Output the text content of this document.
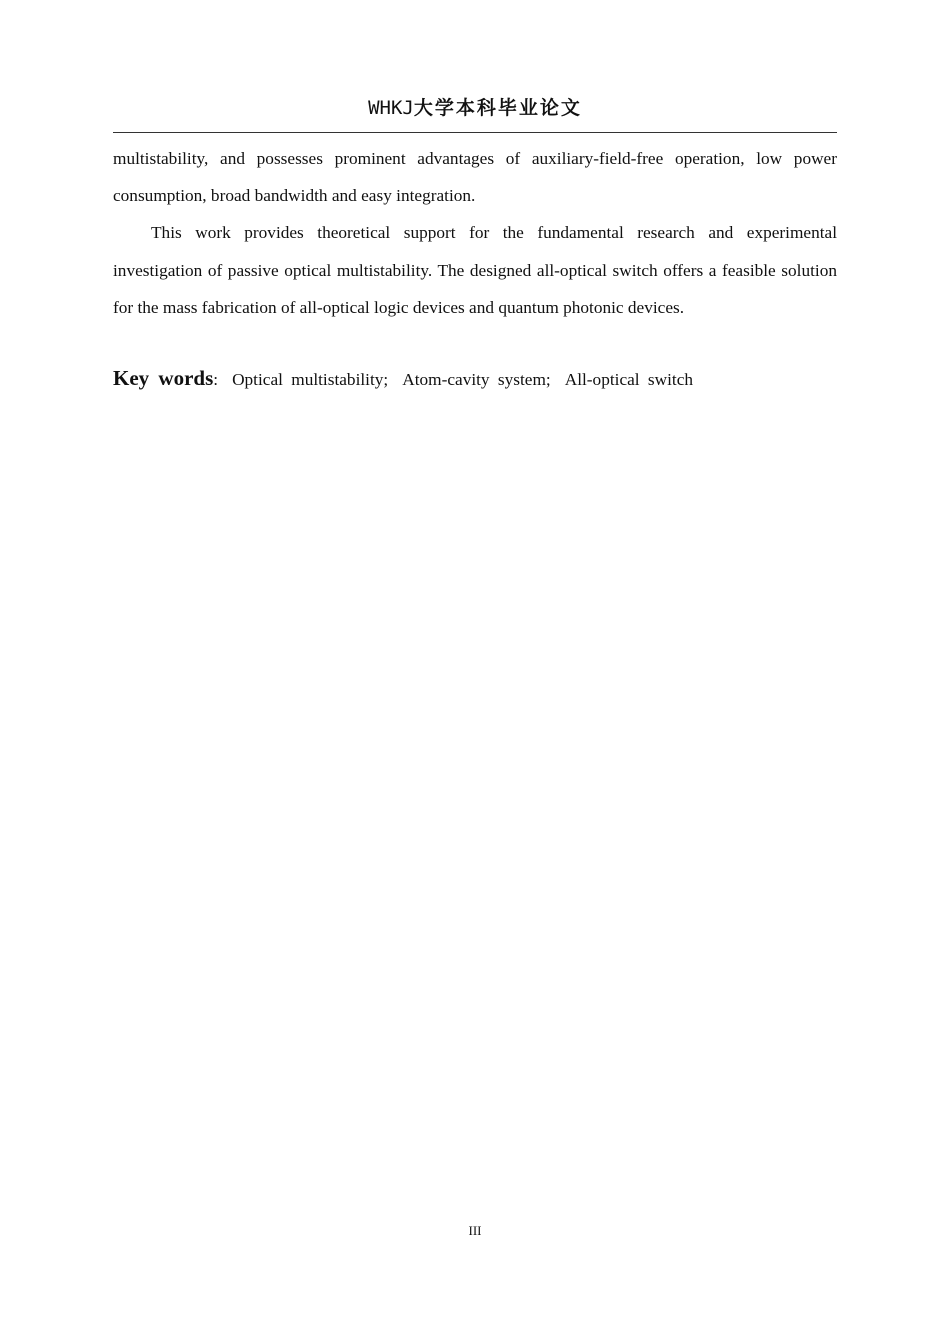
WHKJ大学本科毕业论文

multistability, and possesses prominent advantages of auxiliary-field-free operation, low power consumption, broad bandwidth and easy integration.

This work provides theoretical support for the fundamental research and experimental investigation of passive optical multistability. The designed all-optical switch offers a feasible solution for the mass fabrication of all-optical logic devices and quantum photonic devices.

Key words: Optical multistability; Atom-cavity system; All-optical switch
III
